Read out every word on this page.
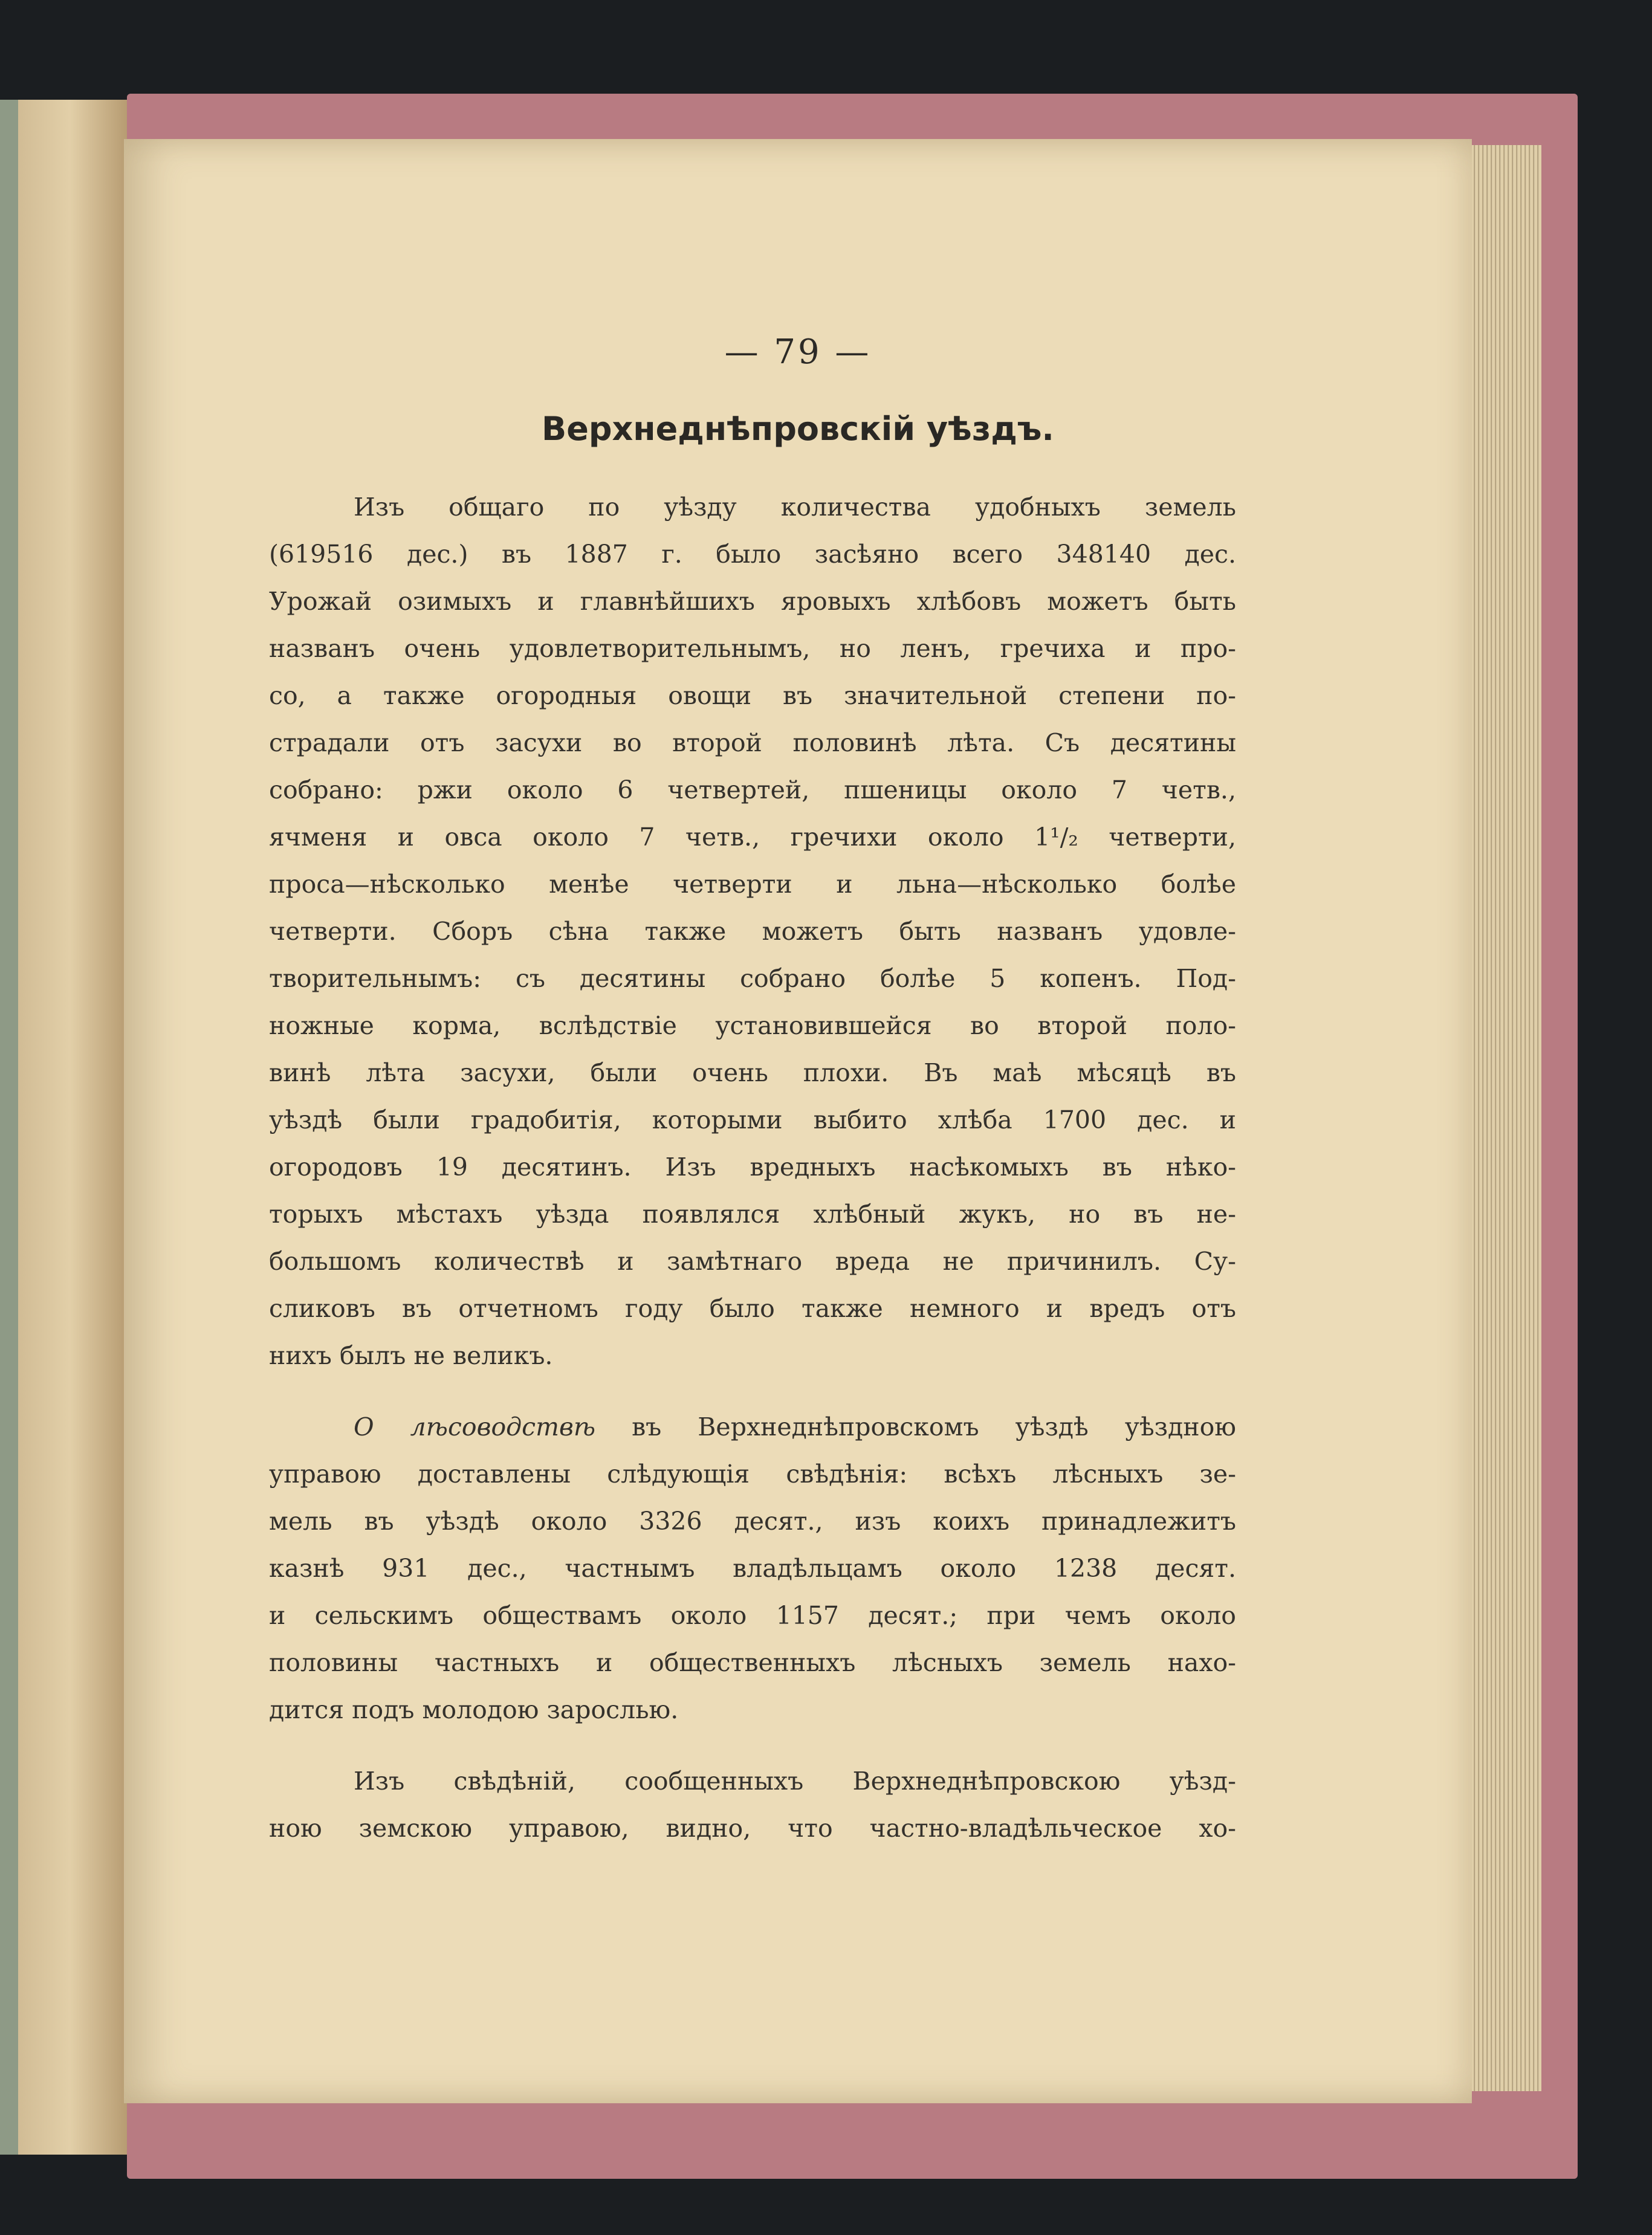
— 79 —
Верхнеднѣпровскій уѣздъ.
Изъ общаго по уѣзду количества удобныхъ земель
(619516 дес.) въ 1887 г. было засѣяно всего 348140 дес.
Урожай озимыхъ и главнѣйшихъ яровыхъ хлѣбовъ можетъ быть
названъ очень удовлетворительнымъ, но ленъ, гречиха и про-
со, а также огородныя овощи въ значительной степени по-
страдали отъ засухи во второй половинѣ лѣта. Съ десятины
собрано: ржи около 6 четвертей, пшеницы около 7 четв.,
ячменя и овса около 7 четв., гречихи около 1¹/₂ четверти,
проса—нѣсколько менѣе четверти и льна—нѣсколько болѣе
четверти. Сборъ сѣна также можетъ быть названъ удовле-
творительнымъ: съ десятины собрано болѣе 5 копенъ. Под-
ножные корма, вслѣдствіе установившейся во второй поло-
винѣ лѣта засухи, были очень плохи. Въ маѣ мѣсяцѣ въ
уѣздѣ были градобитія, которыми выбито хлѣба 1700 дес. и
огородовъ 19 десятинъ. Изъ вредныхъ насѣкомыхъ въ нѣко-
торыхъ мѣстахъ уѣзда появлялся хлѣбный жукъ, но въ не-
большомъ количествѣ и замѣтнаго вреда не причинилъ. Су-
сликовъ въ отчетномъ году было также немного и вредъ отъ
нихъ былъ не великъ.
О лѣсоводствѣ въ Верхнеднѣпровскомъ уѣздѣ уѣздною
управою доставлены слѣдующія свѣдѣнія: всѣхъ лѣсныхъ зе-
мель въ уѣздѣ около 3326 десят., изъ коихъ принадлежитъ
казнѣ 931 дес., частнымъ владѣльцамъ около 1238 десят.
и сельскимъ обществамъ около 1157 десят.; при чемъ около
половины частныхъ и общественныхъ лѣсныхъ земель нахо-
дится подъ молодою зарослью.
Изъ свѣдѣній, сообщенныхъ Верхнеднѣпровскою уѣзд-
ною земскою управою, видно, что частно-владѣльческое хо-
